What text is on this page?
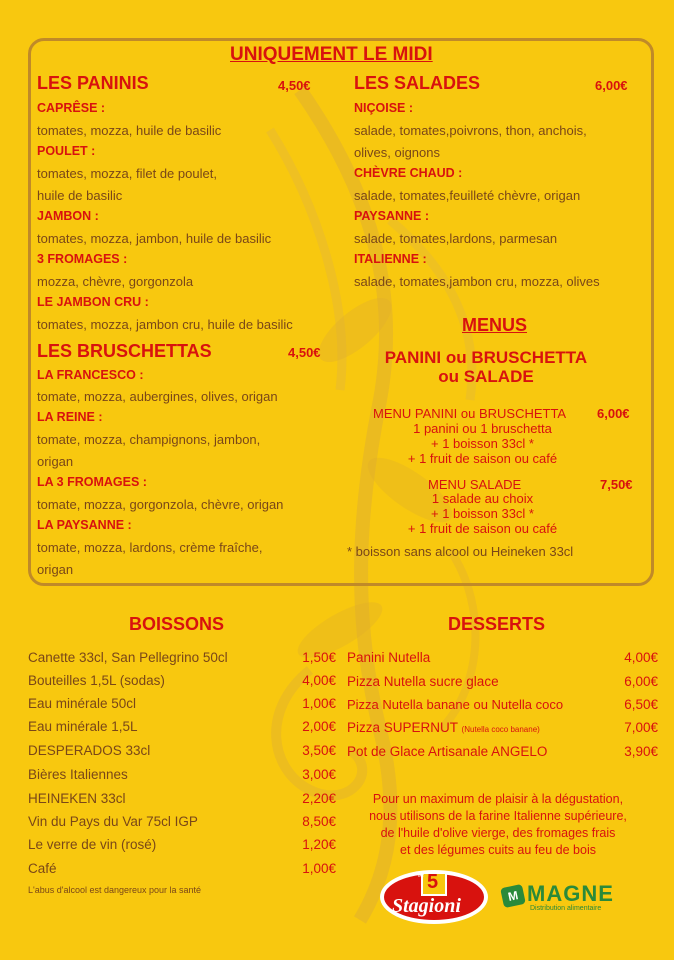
UNIQUEMENT LE MIDI
LES PANINIS	4,50€
CAPRÊSE :
tomates, mozza, huile de basilic
POULET :
tomates, mozza, filet de poulet,
huile de basilic
JAMBON :
tomates, mozza, jambon, huile de basilic
3 FROMAGES :
mozza, chèvre, gorgonzola
LE JAMBON CRU :
tomates, mozza, jambon cru, huile de basilic
LES BRUSCHETTAS	4,50€
LA FRANCESCO :
tomate, mozza, aubergines, olives, origan
LA REINE :
tomate, mozza, champignons, jambon,
origan
LA 3 FROMAGES :
tomate, mozza, gorgonzola, chèvre, origan
LA PAYSANNE :
tomate, mozza, lardons, crème fraîche,
origan
LES SALADES	6,00€
NIÇOISE :
salade, tomates,poivrons, thon, anchois,
olives, oignons
CHÈVRE CHAUD :
salade, tomates,feuilleté chèvre, origan
PAYSANNE :
salade, tomates,lardons, parmesan
ITALIENNE :
salade, tomates,jambon cru, mozza, olives
MENUS
PANINI ou BRUSCHETTA
ou SALADE
MENU PANINI ou BRUSCHETTA 6,00€
1 panini ou 1 bruschetta
+ 1 boisson 33cl *
+ 1 fruit de saison ou café
MENU SALADE	7,50€
1 salade au choix
+ 1 boisson 33cl *
+ 1 fruit de saison ou café
* boisson sans alcool ou Heineken 33cl
BOISSONS
Canette 33cl, San Pellegrino 50cl	1,50€
Bouteilles 1,5L (sodas)	4,00€
Eau minérale 50cl	1,00€
Eau minérale 1,5L	2,00€
DESPERADOS 33cl	3,50€
Bières Italiennes	3,00€
HEINEKEN 33cl	2,20€
Vin du Pays du Var 75cl IGP	8,50€
Le verre de vin (rosé)	1,20€
Café	1,00€
L'abus d'alcool est dangereux pour la santé
DESSERTS
Panini Nutella	4,00€
Pizza Nutella sucre glace	6,00€
Pizza Nutella banane ou Nutella coco	6,50€
Pizza SUPERNUT (Nutella coco banane)	7,00€
Pot de Glace Artisanale ANGELO	3,90€
Pour un maximum de plaisir à la dégustation,
nous utilisons de la farine Italienne supérieure,
de l'huile d'olive vierge, des fromages frais
et des légumes cuits au feu de bois
le 5
Stagioni	M MAGNE
Distribution alimentaire
